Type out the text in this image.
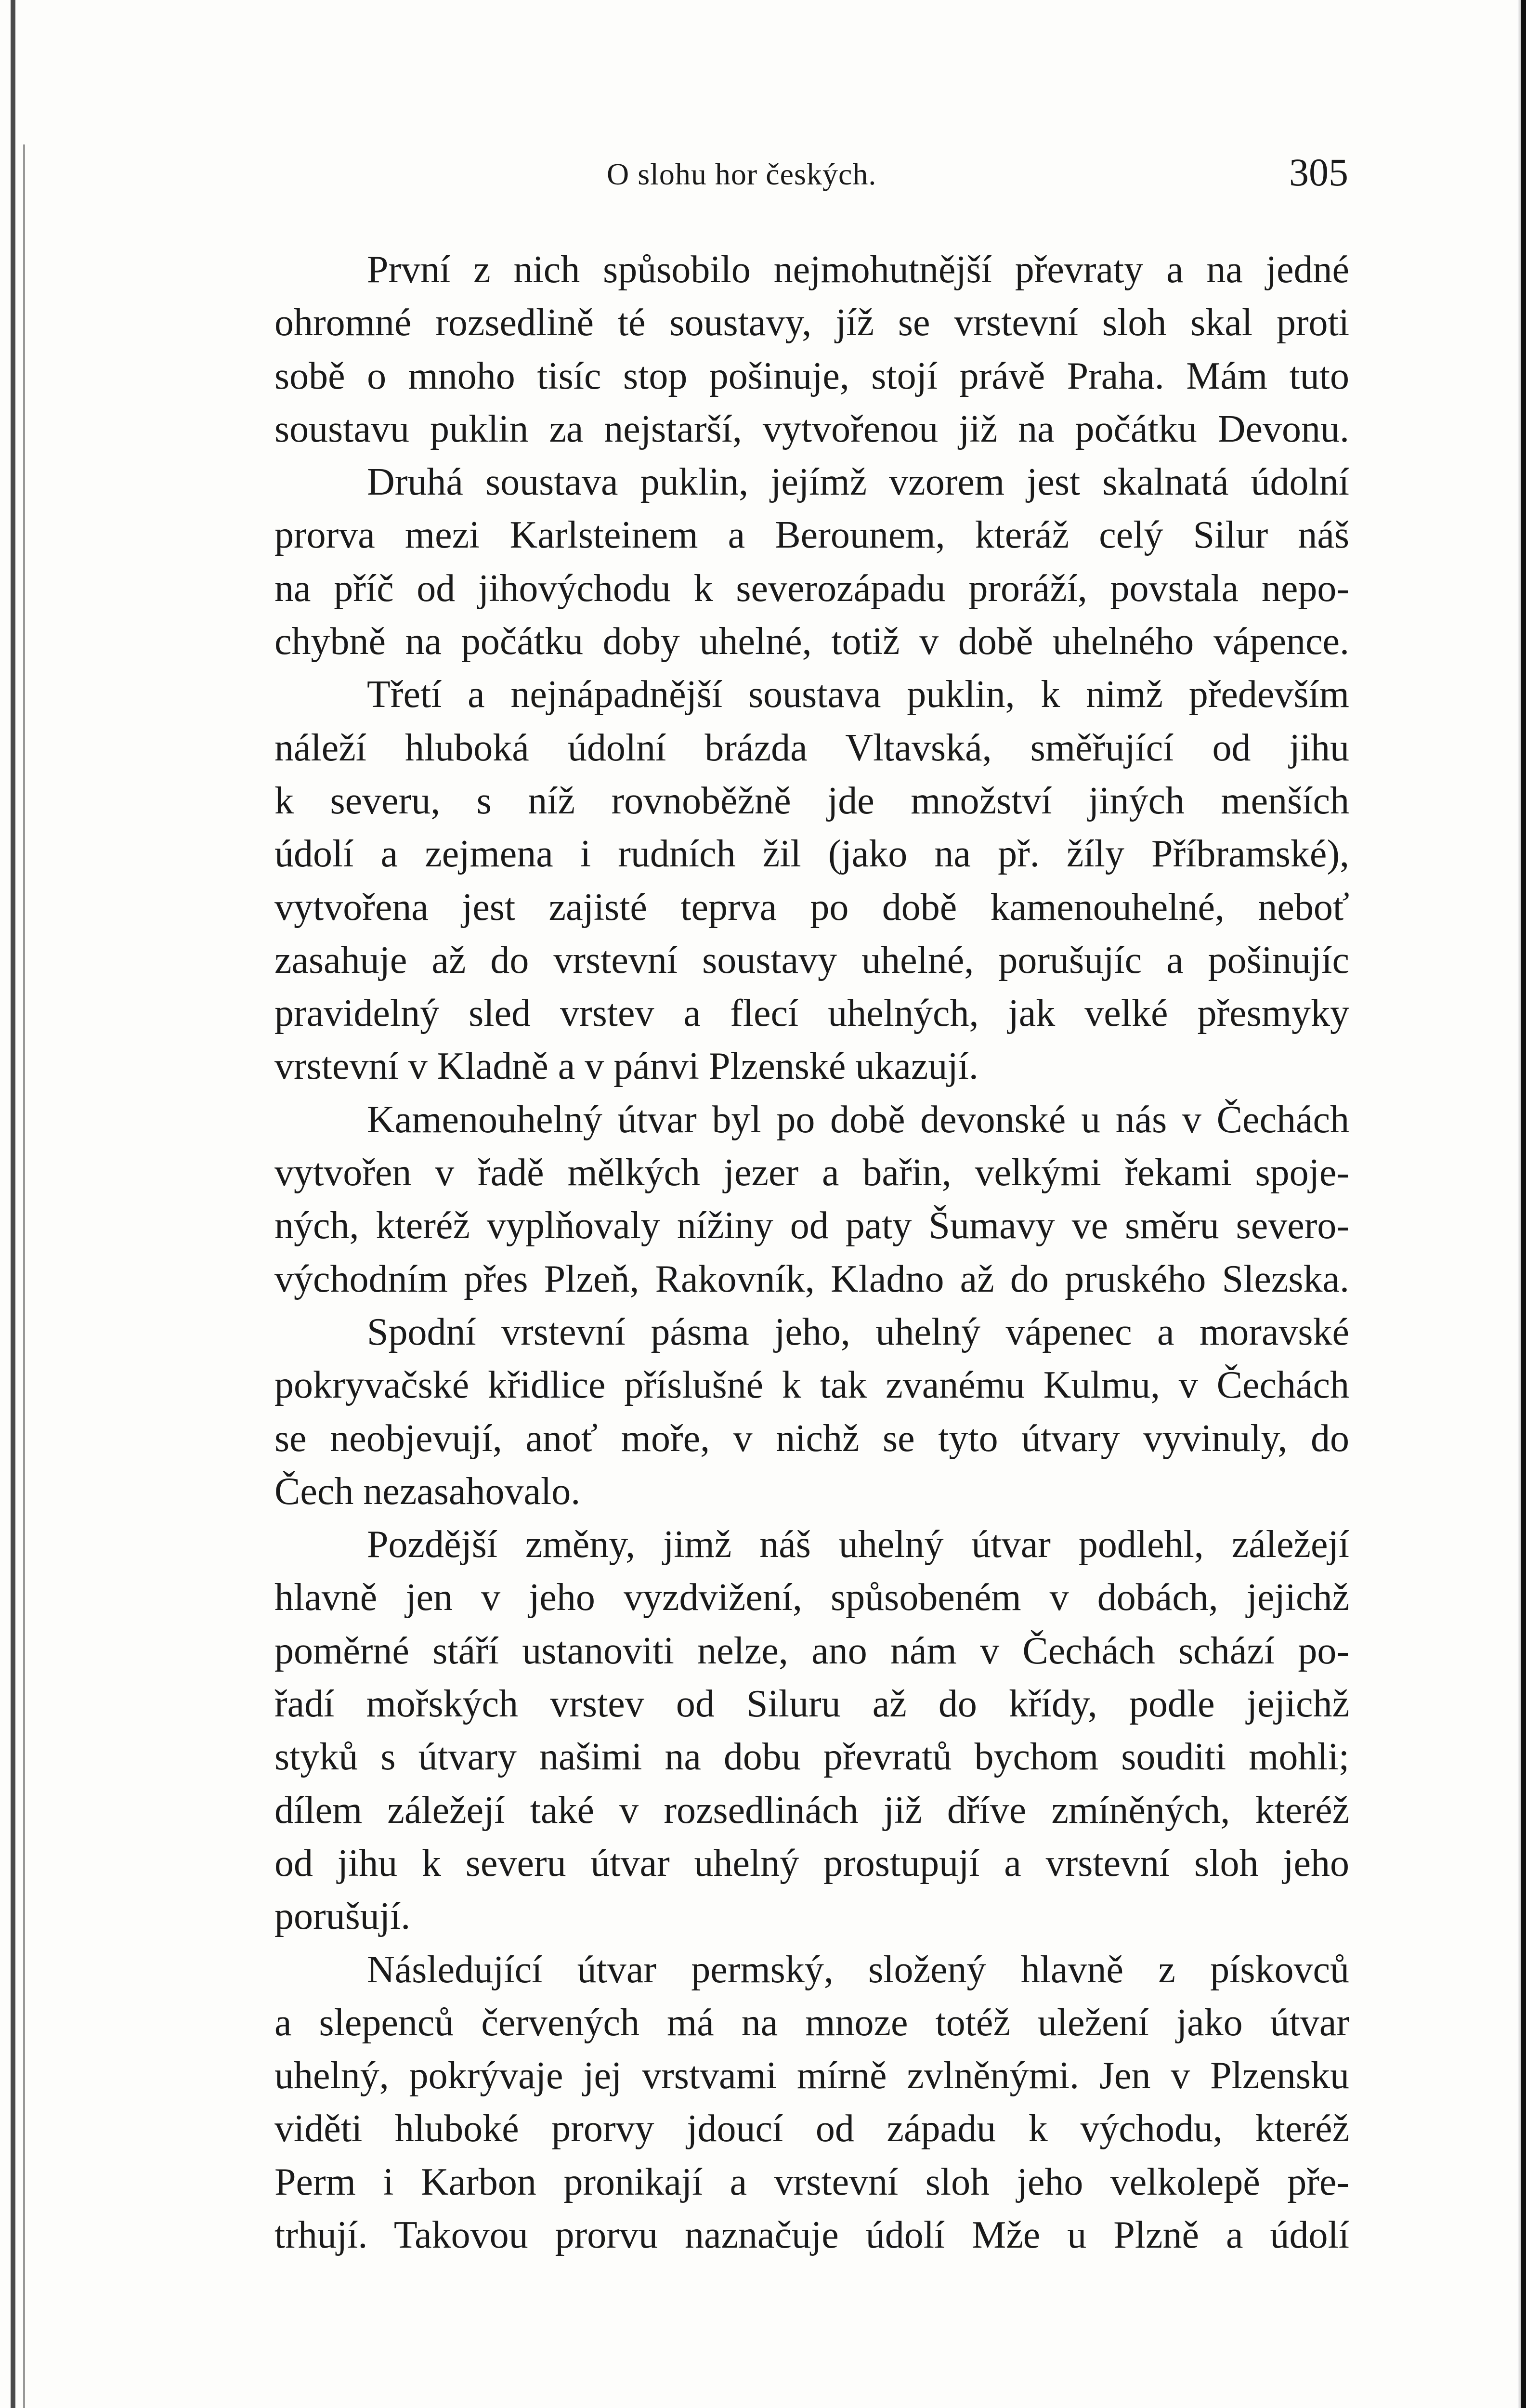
O slohu hor českých.	305
První z nich spůsobilo nejmohutnější převraty a na jedné
ohromné rozsedlině té soustavy, jíž se vrstevní sloh skal proti
sobě o mnoho tisíc stop pošinuje, stojí právě Praha. Mám tuto
soustavu puklin za nejstarší, vytvořenou již na počátku Devonu.
Druhá soustava puklin, jejímž vzorem jest skalnatá údolní
prorva mezi Karlsteinem a Berounem, kteráž celý Silur náš
na příč od jihovýchodu k severozápadu proráží, povstala nepo-
chybně na počátku doby uhelné, totiž v době uhelného vápence.
Třetí a nejnápadnější soustava puklin, k nimž především
náleží hluboká údolní brázda Vltavská, směřující od jihu
k severu, s níž rovnoběžně jde množství jiných menších
údolí a zejmena i rudních žil (jako na př. žíly Příbramské),
vytvořena jest zajisté teprva po době kamenouhelné, neboť
zasahuje až do vrstevní soustavy uhelné, porušujíc a pošinujíc
pravidelný sled vrstev a flecí uhelných, jak velké přesmyky
vrstevní v Kladně a v pánvi Plzenské ukazují.
Kamenouhelný útvar byl po době devonské u nás v Čechách
vytvořen v řadě mělkých jezer a bařin, velkými řekami spoje-
ných, kteréž vyplňovaly nížiny od paty Šumavy ve směru severo-
východním přes Plzeň, Rakovník, Kladno až do pruského Slezska.
Spodní vrstevní pásma jeho, uhelný vápenec a moravské
pokryvačské křidlice příslušné k tak zvanému Kulmu, v Čechách
se neobjevují, anoť moře, v nichž se tyto útvary vyvinuly, do
Čech nezasahovalo.
Pozdější změny, jimž náš uhelný útvar podlehl, záležejí
hlavně jen v jeho vyzdvižení, spůsobeném v dobách, jejichž
poměrné stáří ustanoviti nelze, ano nám v Čechách schází po-
řadí mořských vrstev od Siluru až do křídy, podle jejichž
styků s útvary našimi na dobu převratů bychom souditi mohli;
dílem záležejí také v rozsedlinách již dříve zmíněných, kteréž
od jihu k severu útvar uhelný prostupují a vrstevní sloh jeho
porušují.
Následující útvar permský, složený hlavně z pískovců
a slepenců červených má na mnoze totéž uležení jako útvar
uhelný, pokrývaje jej vrstvami mírně zvlněnými. Jen v Plzensku
viděti hluboké prorvy jdoucí od západu k východu, kteréž
Perm i Karbon pronikají a vrstevní sloh jeho velkolepě pře-
trhují. Takovou prorvu naznačuje údolí Mže u Plzně a údolí
